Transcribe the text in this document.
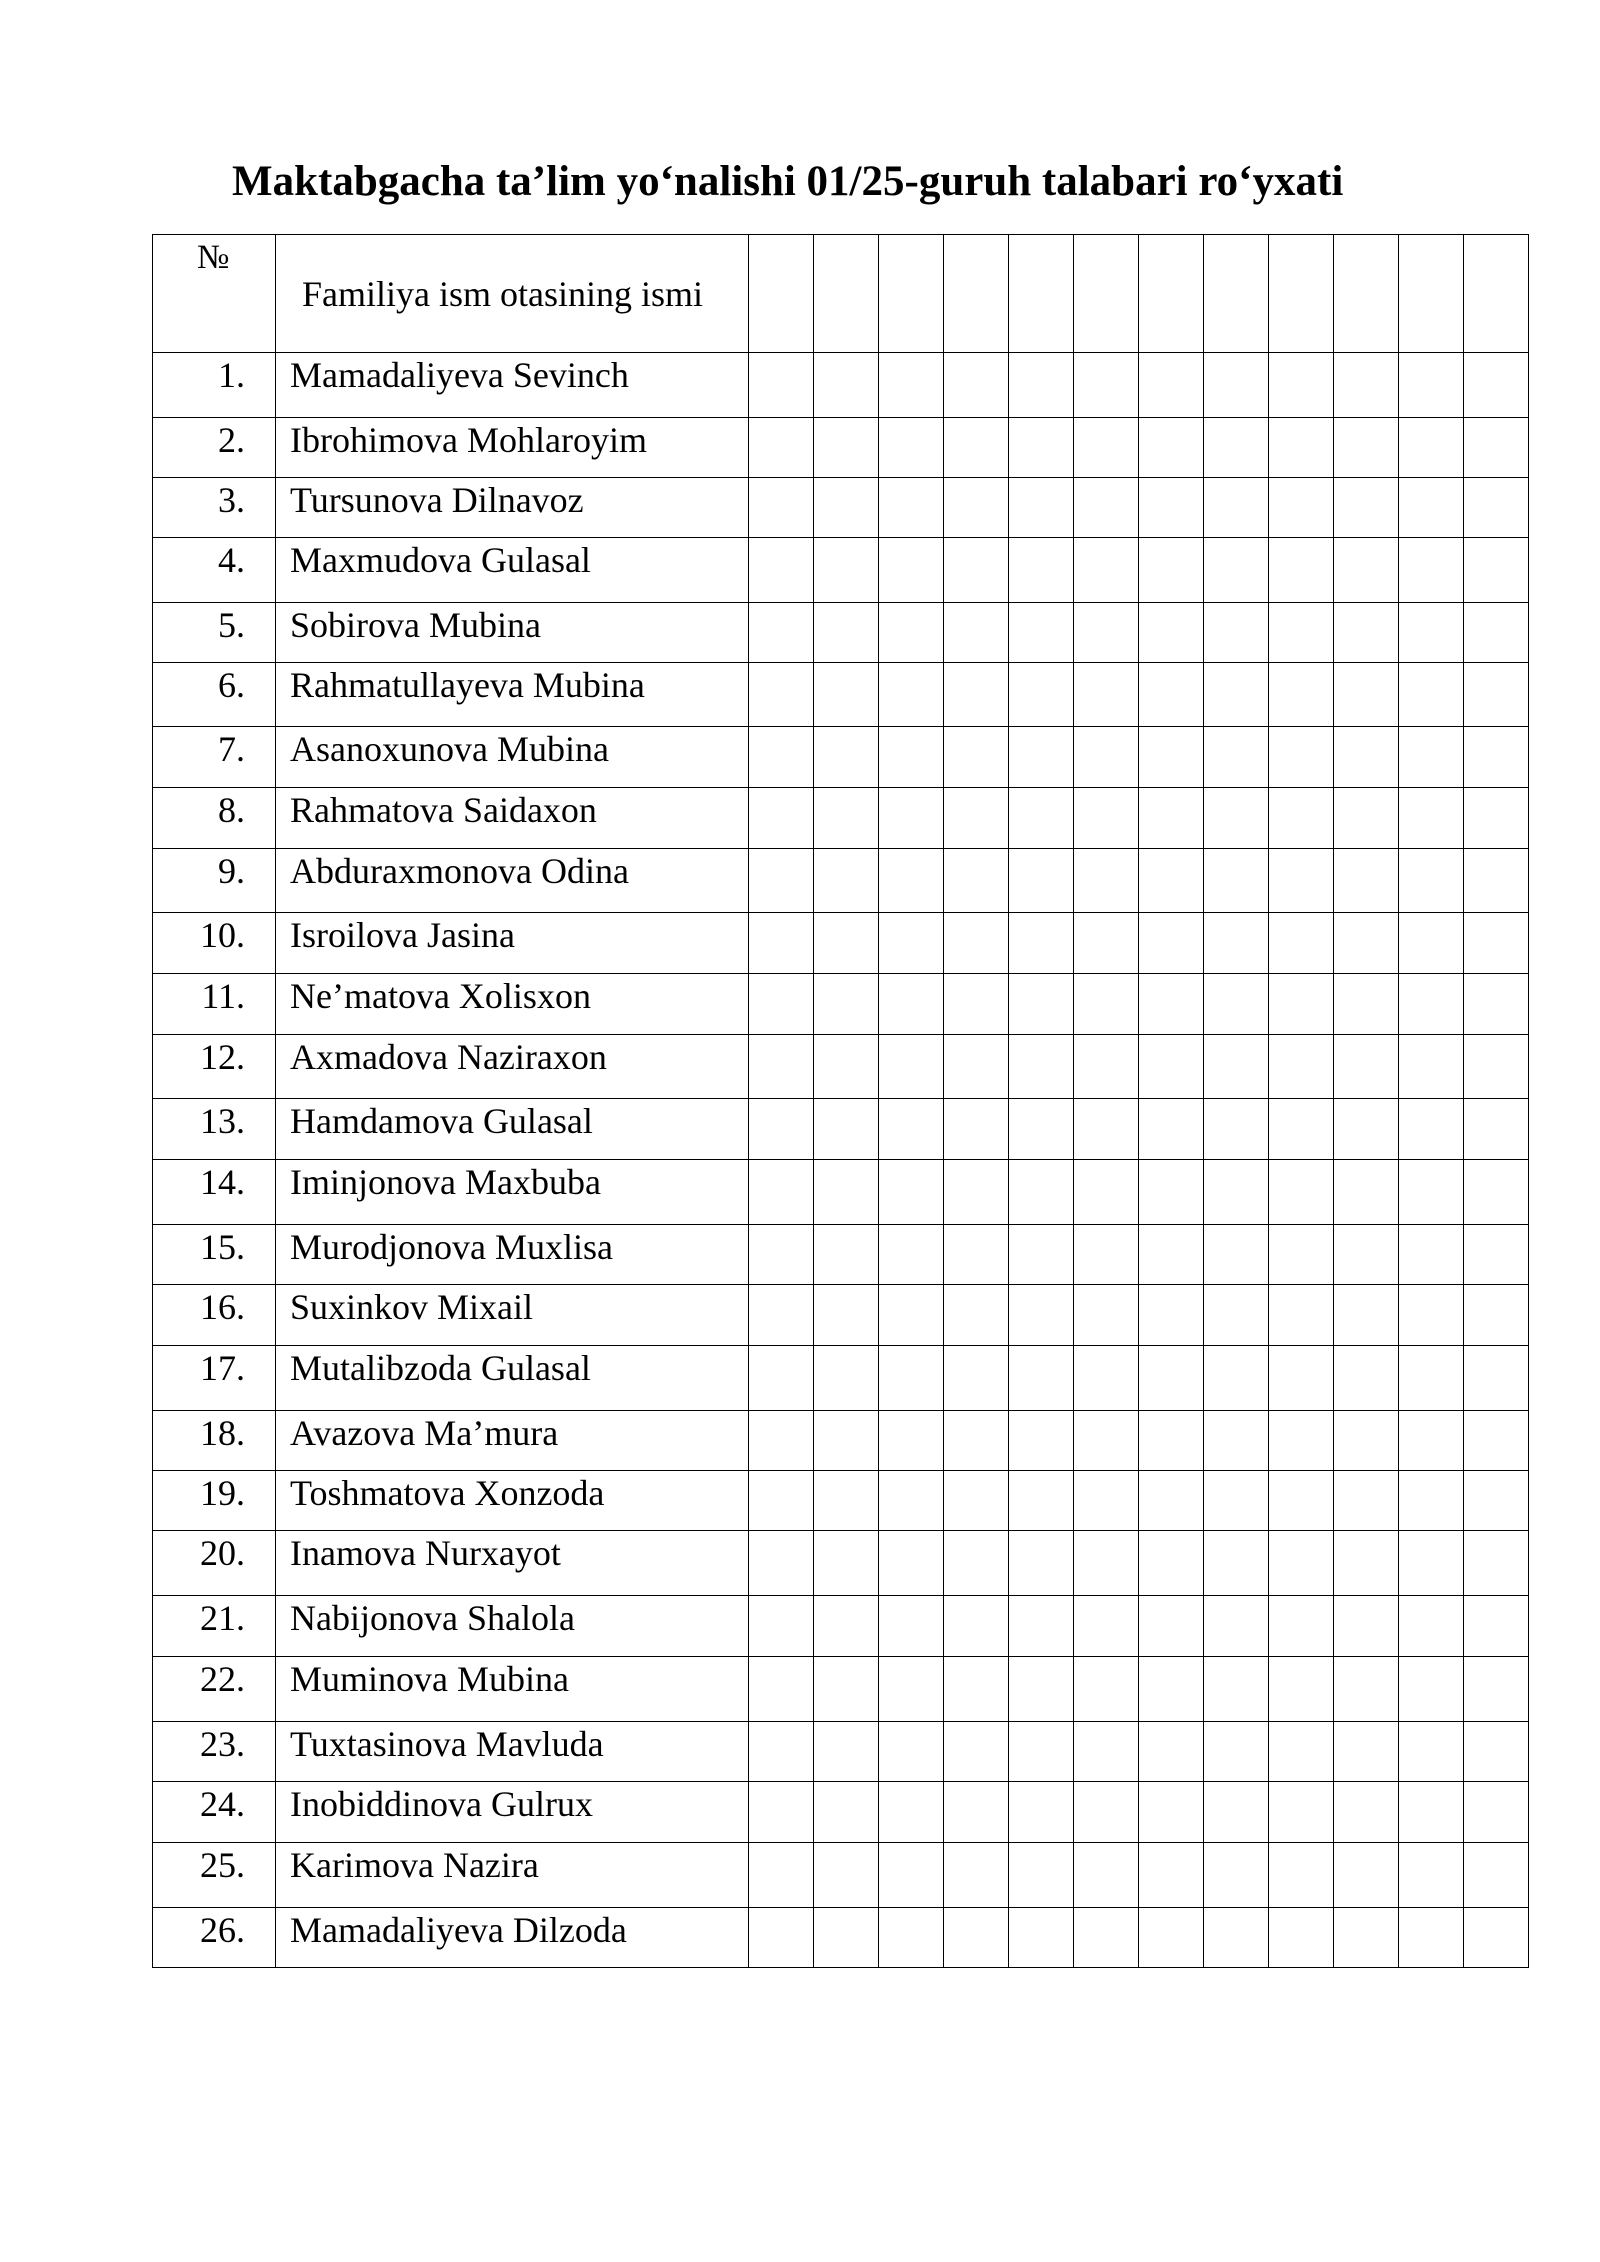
Maktabgacha ta’lim yo‘nalishi 01/25-guruh talabari ro‘yxati
№	Familiya ism otasining ismi												
1.	Mamadaliyeva Sevinch												
2.	Ibrohimova Mohlaroyim												
3.	Tursunova Dilnavoz												
4.	Maxmudova Gulasal												
5.	Sobirova Mubina												
6.	Rahmatullayeva Mubina												
7.	Asanoxunova Mubina												
8.	Rahmatova Saidaxon												
9.	Abduraxmonova Odina												
10.	Isroilova Jasina												
11.	Ne’matova Xolisxon												
12.	Axmadova Naziraxon												
13.	Hamdamova Gulasal												
14.	Iminjonova Maxbuba												
15.	Murodjonova Muxlisa												
16.	Suxinkov Mixail												
17.	Mutalibzoda Gulasal												
18.	Avazova Ma’mura												
19.	Toshmatova Xonzoda												
20.	Inamova Nurxayot												
21.	Nabijonova Shalola												
22.	Muminova Mubina												
23.	Tuxtasinova Mavluda												
24.	Inobiddinova Gulrux												
25.	Karimova Nazira												
26.	Mamadaliyeva Dilzoda												
